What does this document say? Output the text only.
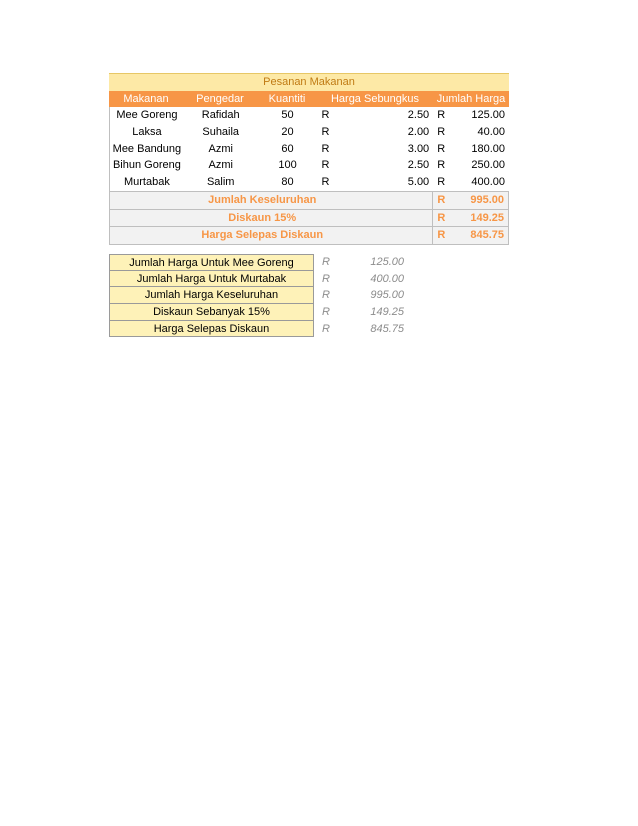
Pesanan Makanan
Makanan	Pengedar	Kuantiti	Harga Sebungkus	Jumlah Harga
Mee Goreng	Rafidah	50	R	2.50 R	125.00
Laksa	Suhaila	20	R	2.00 R	40.00
Mee Bandung	Azmi	60	R	3.00 R	180.00
Bihun Goreng	Azmi	100	R	2.50 R	250.00
Murtabak	Salim	80	R	5.00 R	400.00
Jumlah Keseluruhan	R	995.00
Diskaun 15%	R	149.25
Harga Selepas Diskaun	R	845.75
Jumlah Harga Untuk Mee Goreng	R	125.00
Jumlah Harga Untuk Murtabak	R	400.00
Jumlah Harga Keseluruhan	R	995.00
Diskaun Sebanyak 15%	R	149.25
Harga Selepas Diskaun	R	845.75
